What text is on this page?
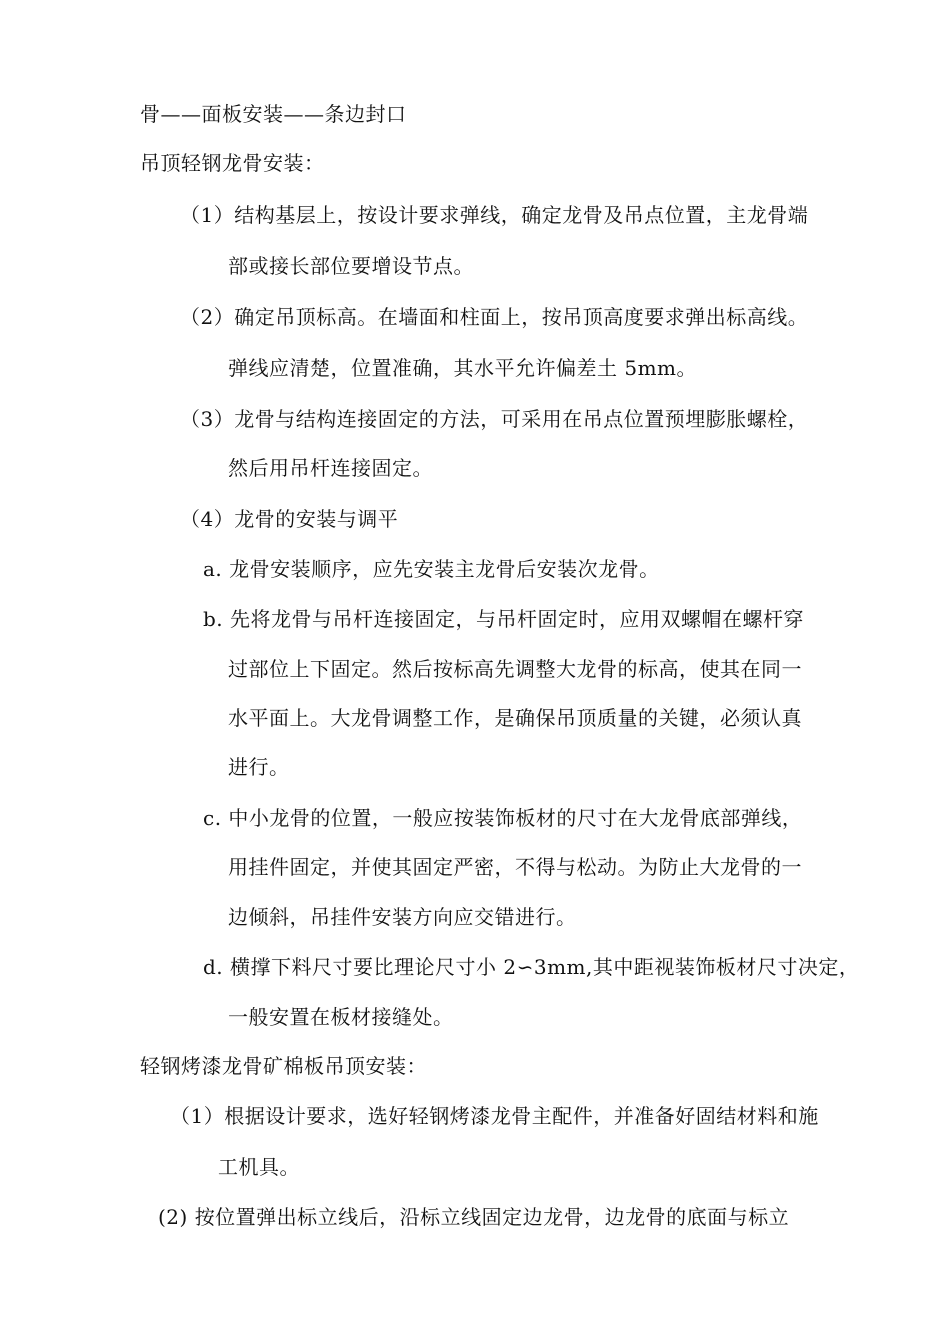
骨——面板安装——条边封口
吊顶轻钢龙骨安装：
（1）结构基层上，按设计要求弹线，确定龙骨及吊点位置，主龙骨端
部或接长部位要增设节点。
（2）确定吊顶标高。在墙面和柱面上，按吊顶高度要求弹出标高线。
弹线应清楚，位置准确，其水平允许偏差土 5mm。
（3）龙骨与结构连接固定的方法，可采用在吊点位置预埋膨胀螺栓，
然后用吊杆连接固定。
（4）龙骨的安装与调平
a. 龙骨安装顺序，应先安装主龙骨后安装次龙骨。
b. 先将龙骨与吊杆连接固定，与吊杆固定时，应用双螺帽在螺杆穿
过部位上下固定。然后按标高先调整大龙骨的标高，使其在同一
水平面上。大龙骨调整工作，是确保吊顶质量的关键，必须认真
进行。
c. 中小龙骨的位置，一般应按装饰板材的尺寸在大龙骨底部弹线，
用挂件固定，并使其固定严密，不得与松动。为防止大龙骨的一
边倾斜，吊挂件安装方向应交错进行。
d. 横撑下料尺寸要比理论尺寸小 2∽3mm,其中距视装饰板材尺寸决定，
一般安置在板材接缝处。
轻钢烤漆龙骨矿棉板吊顶安装：
（1）根据设计要求，选好轻钢烤漆龙骨主配件，并准备好固结材料和施
工机具。
(2) 按位置弹出标立线后，沿标立线固定边龙骨，边龙骨的底面与标立
